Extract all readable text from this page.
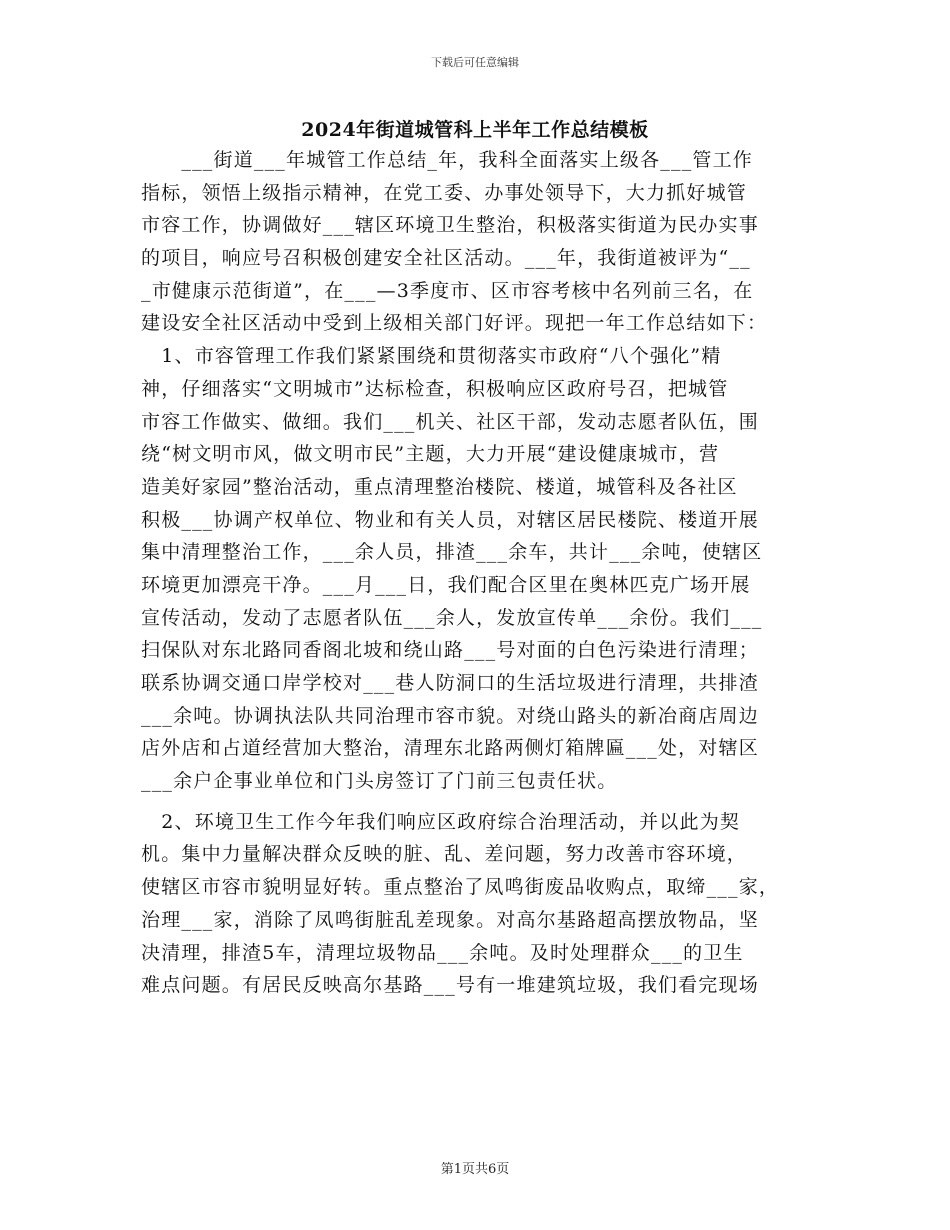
下载后可任意编辑
2024年街道城管科上半年工作总结模板
　　___街道___年城管工作总结_年，我科全面落实上级各___管工作
指标，领悟上级指示精神，在党工委、办事处领导下，大力抓好城管
市容工作，协调做好___辖区环境卫生整治，积极落实街道为民办实事
的项目，响应号召积极创建安全社区活动。___年，我街道被评为“__
_市健康示范街道”，在___—3季度市、区市容考核中名列前三名，在
建设安全社区活动中受到上级相关部门好评。现把一年工作总结如下：
　1、市容管理工作我们紧紧围绕和贯彻落实市政府“八个强化”精
神，仔细落实“文明城市”达标检查，积极响应区政府号召，把城管
市容工作做实、做细。我们___机关、社区干部，发动志愿者队伍，围
绕“树文明市风，做文明市民”主题，大力开展“建设健康城市，营
造美好家园”整治活动，重点清理整治楼院、楼道，城管科及各社区
积极___协调产权单位、物业和有关人员，对辖区居民楼院、楼道开展
集中清理整治工作，___余人员，排渣___余车，共计___余吨，使辖区
环境更加漂亮干净。___月___日，我们配合区里在奥林匹克广场开展
宣传活动，发动了志愿者队伍___余人，发放宣传单___余份。我们___
扫保队对东北路同香阁北坡和绕山路___号对面的白色污染进行清理；
联系协调交通口岸学校对___巷人防洞口的生活垃圾进行清理，共排渣
___余吨。协调执法队共同治理市容市貌。对绕山路头的新冶商店周边
店外店和占道经营加大整治，清理东北路两侧灯箱牌匾___处，对辖区
___余户企事业单位和门头房签订了门前三包责任状。
　2、环境卫生工作今年我们响应区政府综合治理活动，并以此为契
机。集中力量解决群众反映的脏、乱、差问题，努力改善市容环境，
使辖区市容市貌明显好转。重点整治了凤鸣街废品收购点，取缔___家，
治理___家，消除了凤鸣街脏乱差现象。对高尔基路超高摆放物品，坚
决清理，排渣5车，清理垃圾物品___余吨。及时处理群众___的卫生
难点问题。有居民反映高尔基路___号有一堆建筑垃圾，我们看完现场
第1页共6页
